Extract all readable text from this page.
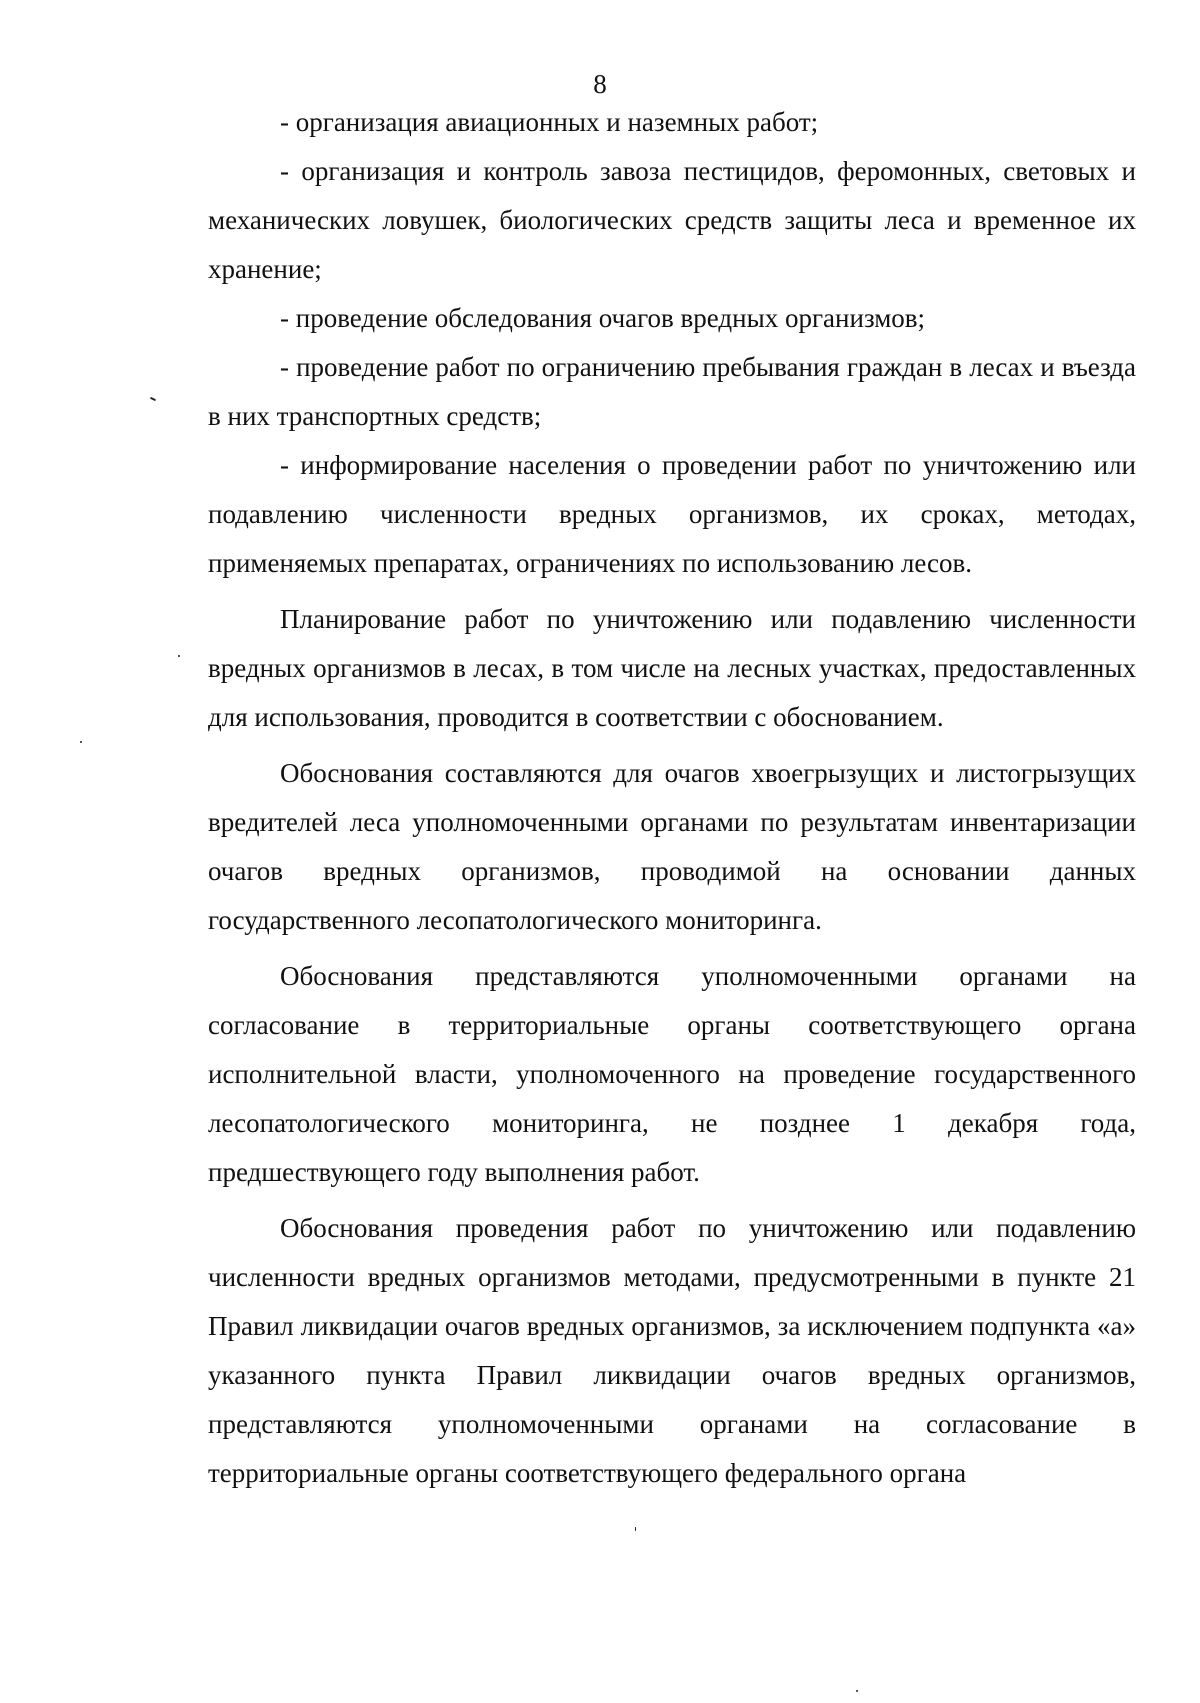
8

- организация авиационных и наземных работ;

- организация и контроль завоза пестицидов, феромонных, световых и механических ловушек, биологических средств защиты леса и временное их хранение;

- проведение обследования очагов вредных организмов;

- проведение работ по ограничению пребывания граждан в лесах и въезда в них транспортных средств;

- информирование населения о проведении работ по уничтожению или подавлению численности вредных организмов, их сроках, методах, применяемых препаратах, ограничениях по использованию лесов.

Планирование работ по уничтожению или подавлению численности вредных организмов в лесах, в том числе на лесных участках, предоставленных для использования, проводится в соответствии с обоснованием.

Обоснования составляются для очагов хвоегрызущих и листогрызущих вредителей леса уполномоченными органами по результатам инвентаризации очагов вредных организмов, проводимой на основании данных государственного лесопатологического мониторинга.

Обоснования представляются уполномоченными органами на согласование в территориальные органы соответствующего органа исполнительной власти, уполномоченного на проведение государственного лесопатологического мониторинга, не позднее 1 декабря года, предшествующего году выполнения работ.

Обоснования проведения работ по уничтожению или подавлению численности вредных организмов методами, предусмотренными в пункте 21 Правил ликвидации очагов вредных организмов, за исключением подпункта «а» указанного пункта Правил ликвидации очагов вредных организмов, представляются уполномоченными органами на согласование в территориальные органы соответствующего федерального органа
